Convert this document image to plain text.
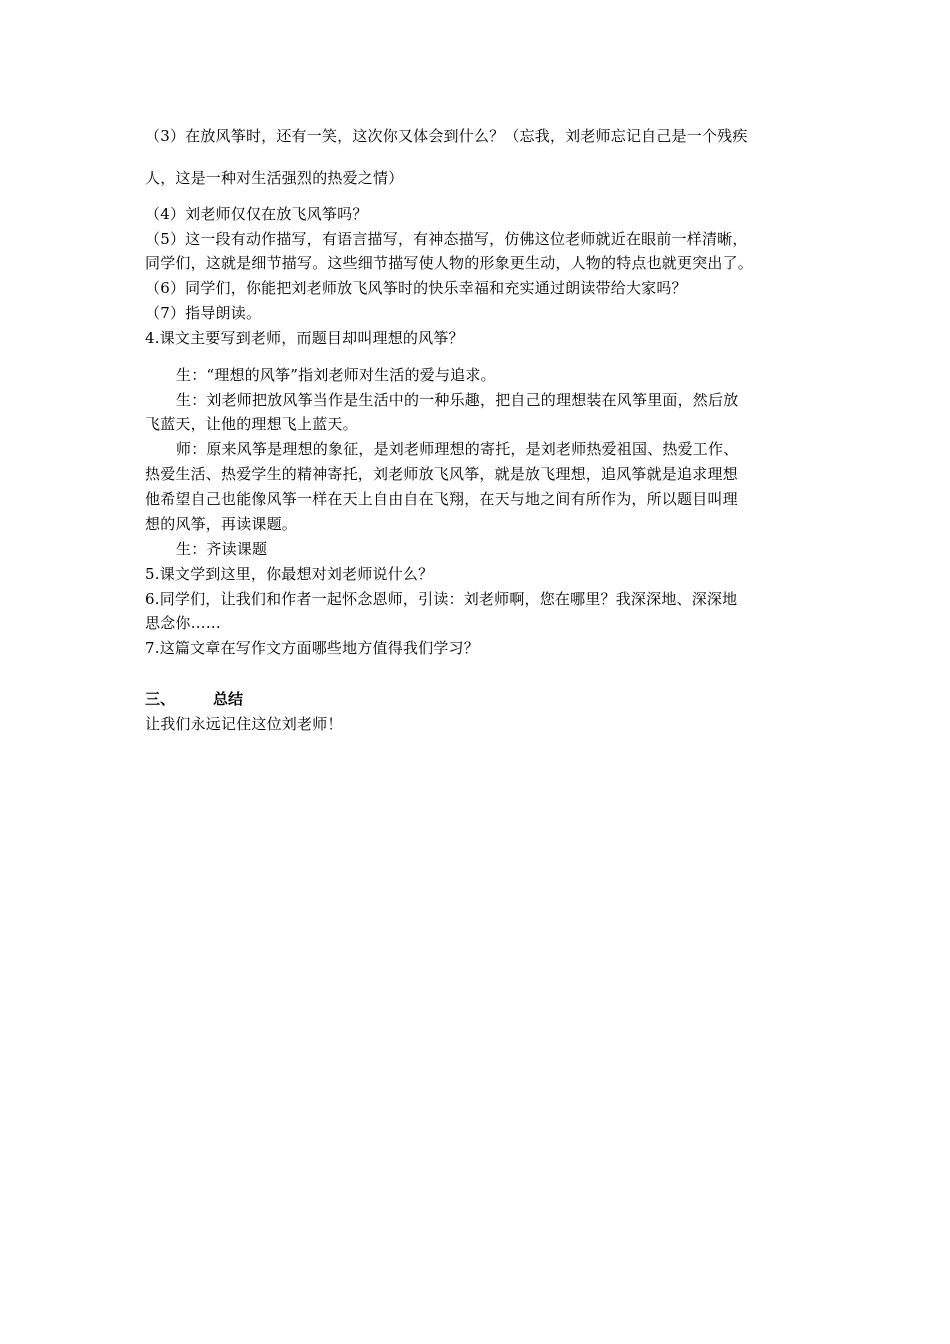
（3）在放风筝时，还有一笑，这次你又体会到什么？（忘我，刘老师忘记自己是一个残疾
人，这是一种对生活强烈的热爱之情）
（4）刘老师仅仅在放飞风筝吗？
（5）这一段有动作描写，有语言描写，有神态描写，仿佛这位老师就近在眼前一样清晰，
同学们，这就是细节描写。这些细节描写使人物的形象更生动，人物的特点也就更突出了。
（6）同学们，你能把刘老师放飞风筝时的快乐幸福和充实通过朗读带给大家吗？
（7）指导朗读。
4.课文主要写到老师，而题目却叫理想的风筝？
生：“理想的风筝”指刘老师对生活的爱与追求。
生：刘老师把放风筝当作是生活中的一种乐趣，把自己的理想装在风筝里面，然后放
飞蓝天，让他的理想飞上蓝天。
师：原来风筝是理想的象征，是刘老师理想的寄托，是刘老师热爱祖国、热爱工作、
热爱生活、热爱学生的精神寄托，刘老师放飞风筝，就是放飞理想，追风筝就是追求理想
他希望自己也能像风筝一样在天上自由自在飞翔，在天与地之间有所作为，所以题目叫理
想的风筝，再读课题。
生：齐读课题
5.课文学到这里，你最想对刘老师说什么？
6.同学们，让我们和作者一起怀念恩师，引读：刘老师啊，您在哪里？我深深地、深深地
思念你……
7.这篇文章在写作文方面哪些地方值得我们学习？
三、	总结
让我们永远记住这位刘老师！
